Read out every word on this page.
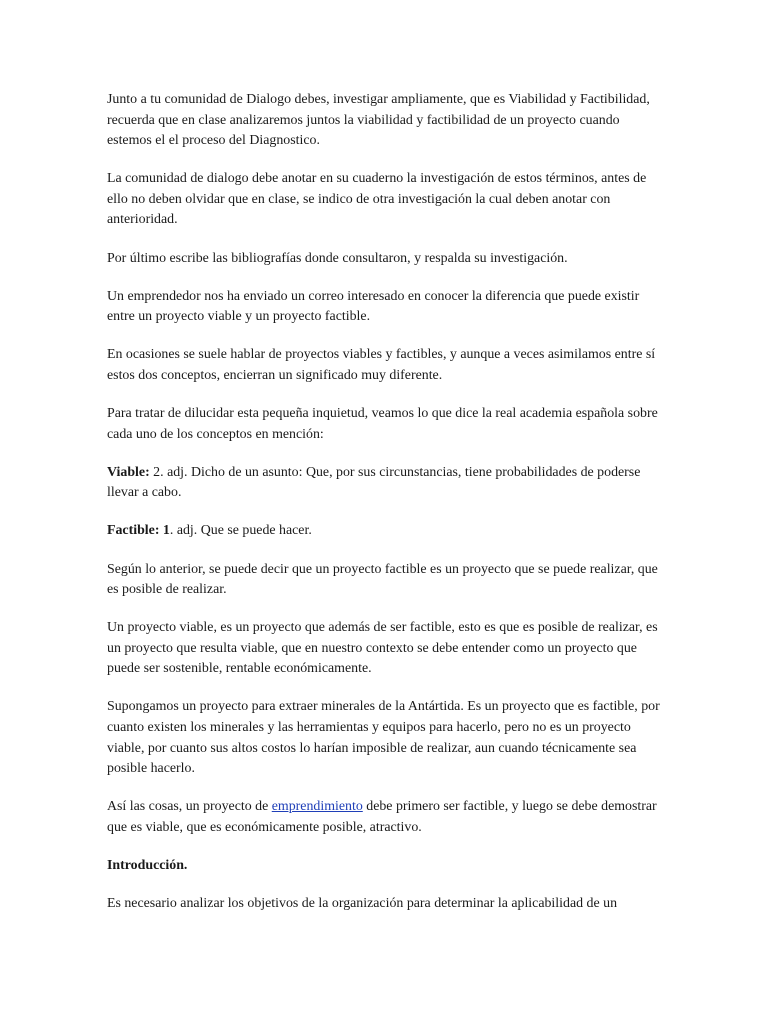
Junto a tu comunidad de Dialogo debes, investigar ampliamente, que es Viabilidad y Factibilidad, recuerda que en clase analizaremos juntos la viabilidad y factibilidad de un proyecto cuando estemos el el proceso del Diagnostico.

La comunidad de dialogo debe anotar en su cuaderno la investigación de estos términos, antes de ello no deben olvidar que en clase, se indico de otra investigación la cual deben anotar con anterioridad.

Por último escribe las bibliografías donde consultaron, y respalda su investigación.

Un emprendedor nos ha enviado un correo interesado en conocer la diferencia que puede existir entre un proyecto viable y un proyecto factible.

En ocasiones se suele hablar de proyectos viables y factibles, y aunque a veces asimilamos entre sí estos dos conceptos, encierran un significado muy diferente.

Para tratar de dilucidar esta pequeña inquietud, veamos lo que dice la real academia española sobre cada uno de los conceptos en mención:

Viable: 2. adj. Dicho de un asunto: Que, por sus circunstancias, tiene probabilidades de poderse llevar a cabo.

Factible: 1. adj. Que se puede hacer.

Según lo anterior, se puede decir que un proyecto factible es un proyecto que se puede realizar, que es posible de realizar.

Un proyecto viable, es un proyecto que además de ser factible, esto es que es posible de realizar, es un proyecto que resulta viable, que en nuestro contexto se debe entender como un proyecto que puede ser sostenible, rentable económicamente.

Supongamos un proyecto para extraer minerales de la Antártida. Es un proyecto que es factible, por cuanto existen los minerales y las herramientas y equipos para hacerlo, pero no es un proyecto viable, por cuanto sus altos costos lo harían imposible de realizar, aun cuando técnicamente sea posible hacerlo.

Así las cosas, un proyecto de emprendimiento debe primero ser factible, y luego se debe demostrar que es viable, que es económicamente posible, atractivo.

Introducción.

Es necesario analizar los objetivos de la organización para determinar la aplicabilidad de un
